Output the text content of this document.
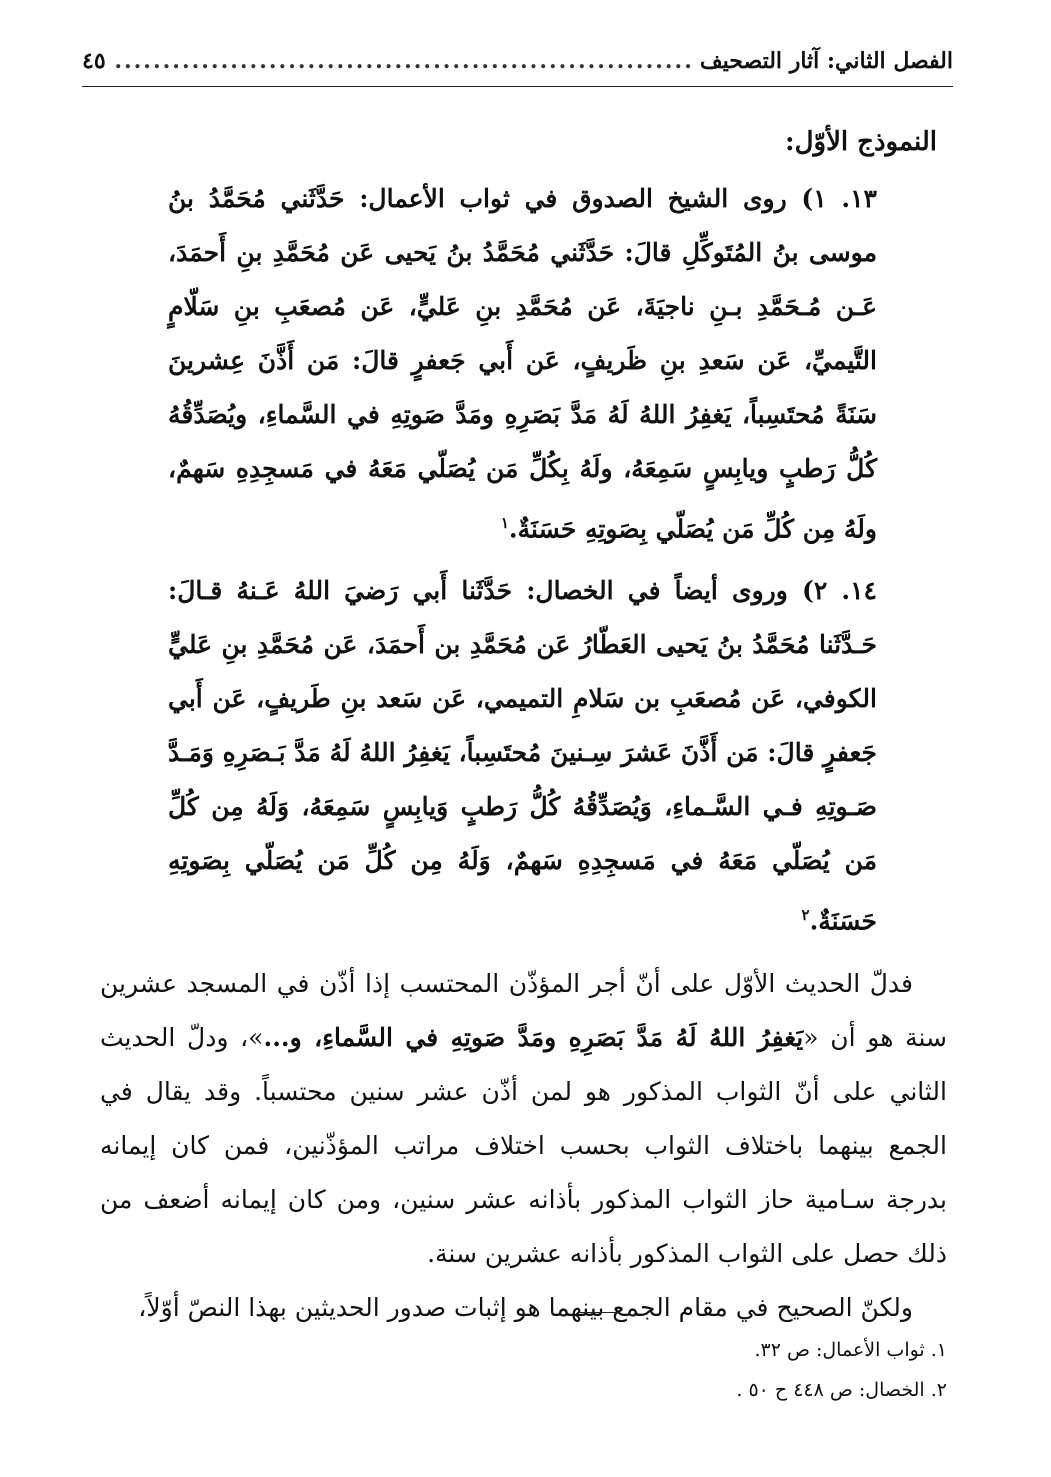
الفصل الثاني: آثار التصحيف
.....
٤٥
النموذج الأوّل:

١٣. ١) روى الشيخ الصدوق في ثواب الأعمال: حَدَّثَني مُحَمَّدُ بنُ موسى بنُ المُتَوكِّلِ قالَ: حَدَّثَني مُحَمَّدُ بنُ يَحيى عَن مُحَمَّدِ بنِ أَحمَدَ، عَـن مُـحَمَّدِ بـنِ ناجيَةَ، عَن مُحَمَّدِ بنِ عَليٍّ، عَن مُصعَبِ بنِ سَلّامٍ التَّيميِّ، عَن سَعدِ بنِ ظَريفٍ، عَن أَبي جَعفرٍ قالَ: مَن أَذَّنَ عِشرينَ سَنَةً مُحتَسِباً، يَغفِرُ اللهُ لَهُ مَدَّ بَصَرِهِ ومَدَّ صَوتِهِ في السَّماءِ، ويُصَدِّقُهُ كُلُّ رَطبٍ ويابِسٍ سَمِعَهُ، ولَهُ بِكُلِّ مَن يُصَلّي مَعَهُ في مَسجِدِهِ سَهمٌ، ولَهُ مِن كُلِّ مَن يُصَلّي بِصَوتِهِ حَسَنَةٌ.$^١$

١٤. ٢) وروى أيضاً في الخصال: حَدَّثَنا أَبي رَضيَ اللهُ عَـنهُ قـالَ: حَـدَّثَنا مُحَمَّدُ بنُ يَحيى العَطّارُ عَن مُحَمَّدِ بن أَحمَدَ، عَن مُحَمَّدِ بنِ عَليٍّ الكوفي، عَن مُصعَبِ بن سَلامِ التميمي، عَن سَعد بنِ طَريفٍ، عَن أَبي جَعفرٍ قالَ: مَن أَذَّنَ عَشرَ سِـنينَ مُحتَسِباً، يَغفِرُ اللهُ لَهُ مَدَّ بَـصَرِهِ وَمَـدَّ صَـوتِهِ فـي السَّـماءِ، وَيُصَدِّقُهُ كُلُّ رَطبٍ وَيابِسٍ سَمِعَهُ، وَلَهُ مِن كُلِّ مَن يُصَلّي مَعَهُ في مَسجِدِهِ سَهمٌ، وَلَهُ مِن كُلِّ مَن يُصَلّي بِصَوتِهِ حَسَنَةٌ.$^٢$

فدلّ الحديث الأوّل على أنّ أجر المؤذّن المحتسب إذا أذّن في المسجد عشرين سنة هو أن «يَغفِرُ اللهُ لَهُ مَدَّ بَصَرِهِ ومَدَّ صَوتِهِ في السَّماءِ، و...»، ودلّ الحديث الثاني على أنّ الثواب المذكور هو لمن أذّن عشر سنين محتسباً. وقد يقال في الجمع بينهما باختلاف الثواب بحسب اختلاف مراتب المؤذّنين، فمن كان إيمانه بدرجة سـامية حاز الثواب المذكور بأذانه عشر سنين، ومن كان إيمانه أضعف من ذلك حصل على الثواب المذكور بأذانه عشرين سنة.

ولكنّ الصحيح في مقام الجمع بينهما هو إثبات صدور الحديثين بهذا النصّ أوّلاً،

١. ثواب الأعمال: ص ٣٢.
٢. الخصال: ص ٤٤٨ ح ٥٠ .
